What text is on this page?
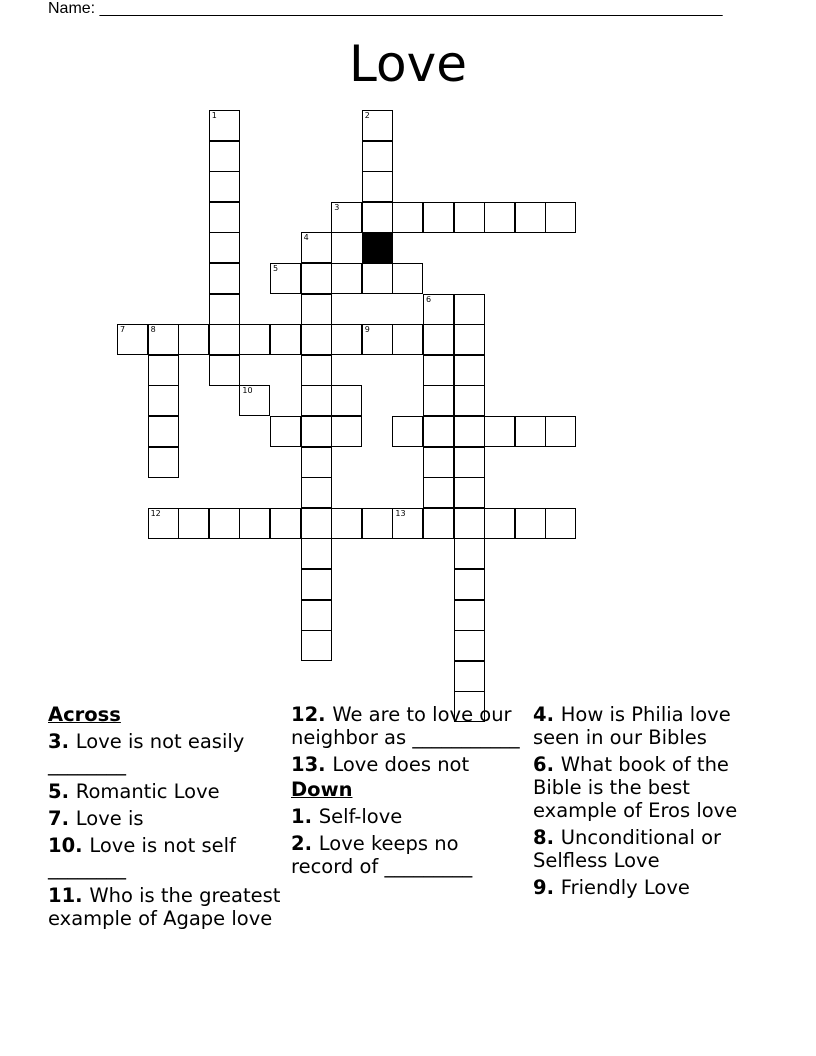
Name: ______________________________________________________________________
Love
1	2
3
4
5
6
8	9
10
7
12	13
Across
3. Love is not easily ________
5. Romantic Love
7. Love is
10. Love is not self ________
11. Who is the greatest example of Agape love
12. We are to love our neighbor as ___________
13. Love does not
Down
1. Self-love
2. Love keeps no record of _________
4. How is Philia love seen in our Bibles
6. What book of the Bible is the best example of Eros love
8. Unconditional or Selfless Love
9. Friendly Love
